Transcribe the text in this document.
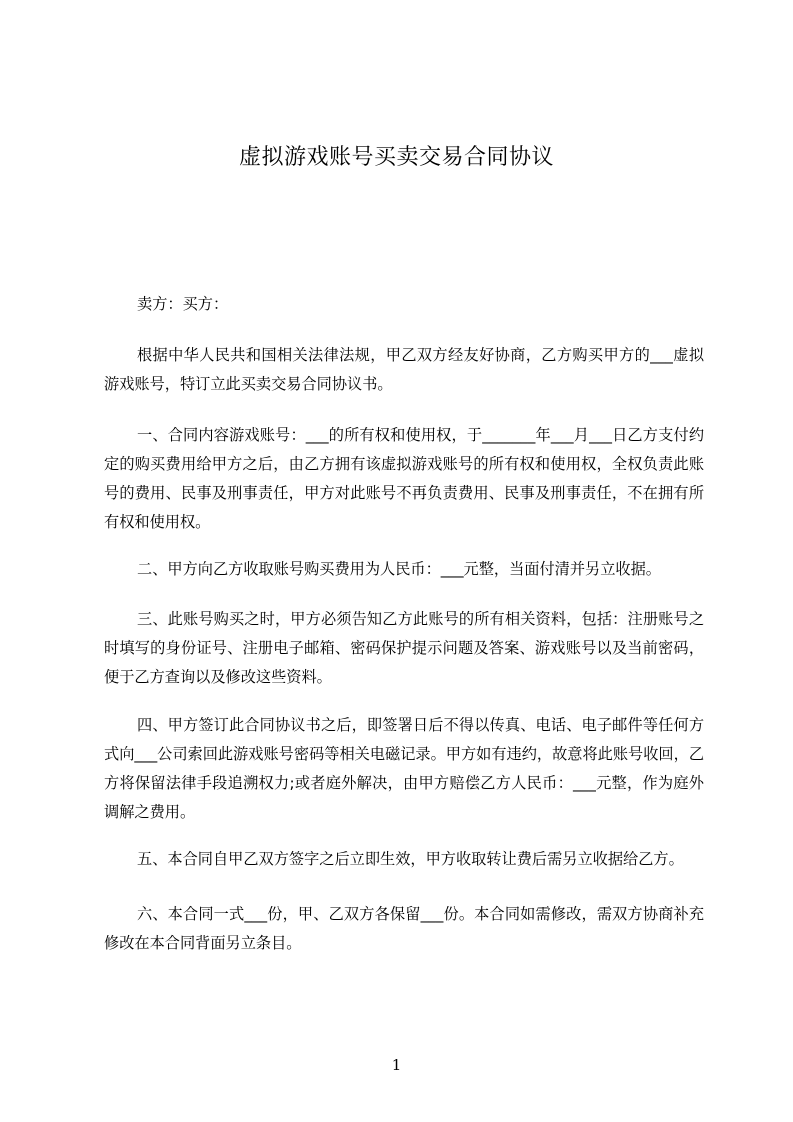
虚拟游戏账号买卖交易合同协议

卖方：买方：

根据中华人民共和国相关法律法规，甲乙双方经友好协商，乙方购买甲方的___虚拟游戏账号，特订立此买卖交易合同协议书。

一、合同内容游戏账号：___的所有权和使用权，于_______年___月___日乙方支付约定的购买费用给甲方之后，由乙方拥有该虚拟游戏账号的所有权和使用权，全权负责此账号的费用、民事及刑事责任，甲方对此账号不再负责费用、民事及刑事责任，不在拥有所有权和使用权。

二、甲方向乙方收取账号购买费用为人民币：___元整，当面付清并另立收据。

三、此账号购买之时，甲方必须告知乙方此账号的所有相关资料，包括：注册账号之时填写的身份证号、注册电子邮箱、密码保护提示问题及答案、游戏账号以及当前密码，便于乙方查询以及修改这些资料。

四、甲方签订此合同协议书之后，即签署日后不得以传真、电话、电子邮件等任何方式向___公司索回此游戏账号密码等相关电磁记录。甲方如有违约，故意将此账号收回，乙方将保留法律手段追溯权力;或者庭外解决，由甲方赔偿乙方人民币：___元整，作为庭外调解之费用。

五、本合同自甲乙双方签字之后立即生效，甲方收取转让费后需另立收据给乙方。

六、本合同一式___份，甲、乙双方各保留___份。本合同如需修改，需双方协商补充修改在本合同背面另立条目。

1
